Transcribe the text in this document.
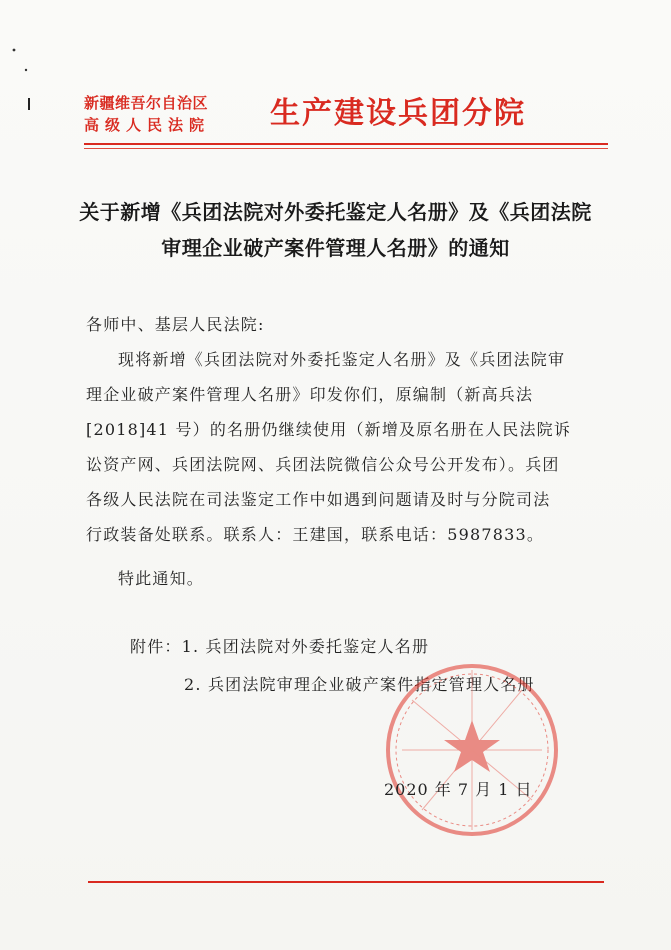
新疆维吾尔自治区
高级人民法院	生产建设兵团分院
关于新增《兵团法院对外委托鉴定人名册》及《兵团法院
审理企业破产案件管理人名册》的通知
各师中、基层人民法院:
现将新增《兵团法院对外委托鉴定人名册》及《兵团法院审
理企业破产案件管理人名册》印发你们，原编制（新高兵法
[2018]41 号）的名册仍继续使用（新增及原名册在人民法院诉
讼资产网、兵团法院网、兵团法院微信公众号公开发布）。兵团
各级人民法院在司法鉴定工作中如遇到问题请及时与分院司法
行政装备处联系。联系人：王建国，联系电话：5987833。
特此通知。
附件：1. 兵团法院对外委托鉴定人名册
2. 兵团法院审理企业破产案件指定管理人名册
2020 年 7 月 1 日
